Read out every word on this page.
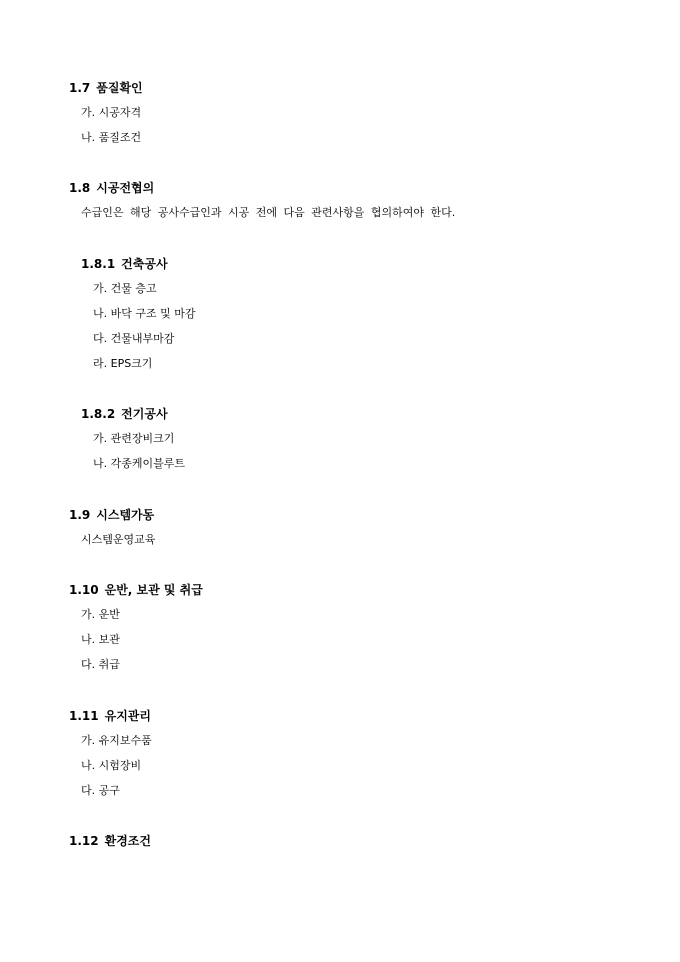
1.7 품질확인
가. 시공자격
나. 품질조건
1.8 시공전협의
수급인은 해당 공사수급인과 시공 전에 다음 관련사항을 협의하여야 한다.
1.8.1 건축공사
가. 건물 층고
나. 바닥 구조 및 마감
다. 건물내부마감
라. EPS크기
1.8.2 전기공사
가. 관련장비크기
나. 각종케이블루트
1.9 시스템가동
시스템운영교육
1.10 운반, 보관 및 취급
가. 운반
나. 보관
다. 취급
1.11 유지관리
가. 유지보수품
나. 시험장비
다. 공구
1.12 환경조건
